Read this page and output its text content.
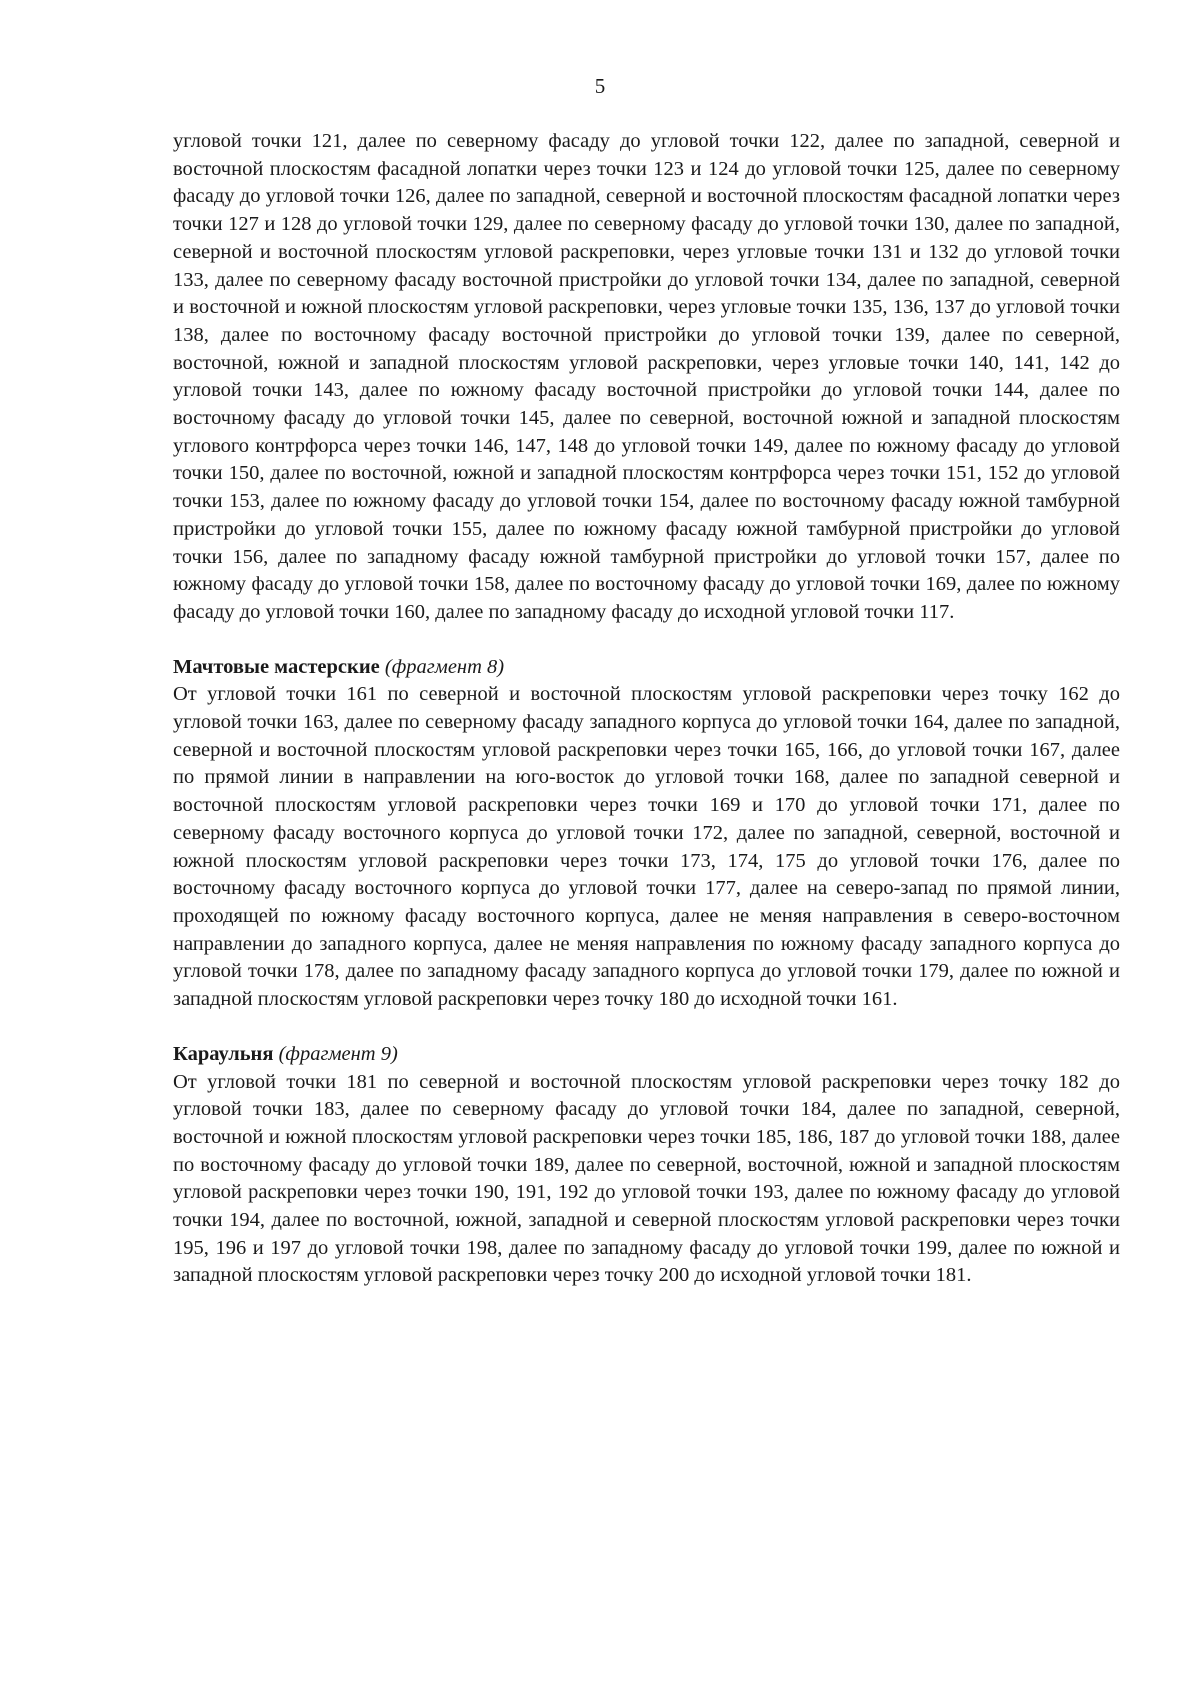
5

угловой точки 121, далее по северному фасаду до угловой точки 122, далее по западной, северной и восточной плоскостям фасадной лопатки через точки 123 и 124 до угловой точки 125, далее по северному фасаду до угловой точки 126, далее по западной, северной и восточной плоскостям фасадной лопатки через точки 127 и 128 до угловой точки 129, далее по северному фасаду до угловой точки 130, далее по западной, северной и восточной плоскостям угловой раскреповки, через угловые точки 131 и 132 до угловой точки 133, далее по северному фасаду восточной пристройки до угловой точки 134, далее по западной, северной и восточной и южной плоскостям угловой раскреповки, через угловые точки 135, 136, 137 до угловой точки 138, далее по восточному фасаду восточной пристройки до угловой точки 139, далее по северной, восточной, южной и западной плоскостям угловой раскреповки, через угловые точки 140, 141, 142 до угловой точки 143, далее по южному фасаду восточной пристройки до угловой точки 144, далее по восточному фасаду до угловой точки 145, далее по северной, восточной южной и западной плоскостям углового контрфорса через точки 146, 147, 148 до угловой точки 149, далее по южному фасаду до угловой точки 150, далее по восточной, южной и западной плоскостям контрфорса через точки 151, 152 до угловой точки 153, далее по южному фасаду до угловой точки 154, далее по восточному фасаду южной тамбурной пристройки до угловой точки 155, далее по южному фасаду южной тамбурной пристройки до угловой точки 156, далее по западному фасаду южной тамбурной пристройки до угловой точки 157, далее по южному фасаду до угловой точки 158, далее по восточному фасаду до угловой точки 169, далее по южному фасаду до угловой точки 160, далее по западному фасаду до исходной угловой точки 117.

Мачтовые мастерские (фрагмент 8)

От угловой точки 161 по северной и восточной плоскостям угловой раскреповки через точку 162 до угловой точки 163, далее по северному фасаду западного корпуса до угловой точки 164, далее по западной, северной и восточной плоскостям угловой раскреповки через точки 165, 166, до угловой точки 167, далее по прямой линии в направлении на юго-восток до угловой точки 168, далее по западной северной и восточной плоскостям угловой раскреповки через точки 169 и 170 до угловой точки 171, далее по северному фасаду восточного корпуса до угловой точки 172, далее по западной, северной, восточной и южной плоскостям угловой раскреповки через точки 173, 174, 175 до угловой точки 176, далее по восточному фасаду восточного корпуса до угловой точки 177, далее на северо-запад по прямой линии, проходящей по южному фасаду восточного корпуса, далее не меняя направления в северо-восточном направлении до западного корпуса, далее не меняя направления по южному фасаду западного корпуса до угловой точки 178, далее по западному фасаду западного корпуса до угловой точки 179, далее по южной и западной плоскостям угловой раскреповки через точку 180 до исходной точки 161.

Караульня (фрагмент 9)

От угловой точки 181 по северной и восточной плоскостям угловой раскреповки через точку 182 до угловой точки 183, далее по северному фасаду до угловой точки 184, далее по западной, северной, восточной и южной плоскостям угловой раскреповки через точки 185, 186, 187 до угловой точки 188, далее по восточному фасаду до угловой точки 189, далее по северной, восточной, южной и западной плоскостям угловой раскреповки через точки 190, 191, 192 до угловой точки 193, далее по южному фасаду до угловой точки 194, далее по восточной, южной, западной и северной плоскостям угловой раскреповки через точки 195, 196 и 197 до угловой точки 198, далее по западному фасаду до угловой точки 199, далее по южной и западной плоскостям угловой раскреповки через точку 200 до исходной угловой точки 181.
